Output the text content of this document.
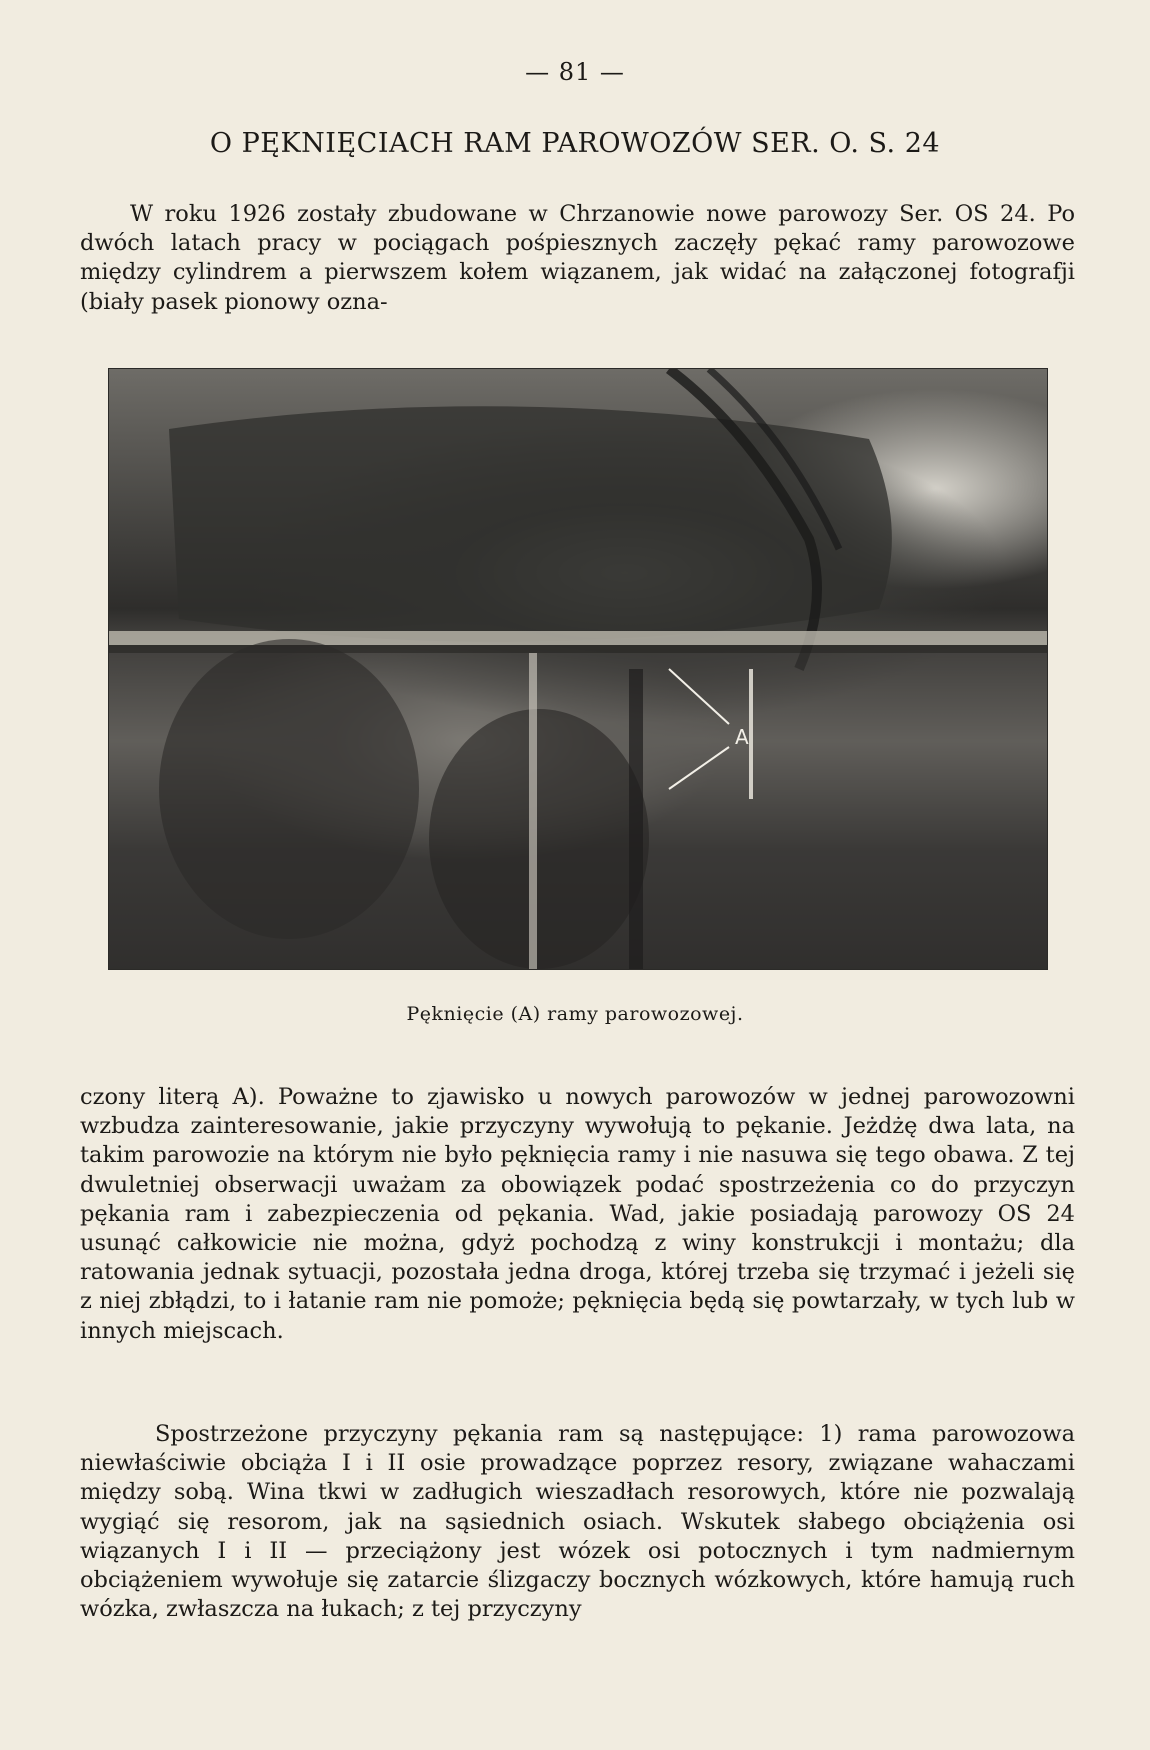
— 81 —
O PĘKNIĘCIACH RAM PAROWOZÓW SER. O. S. 24

W roku 1926 zostały zbudowane w Chrzanowie nowe parowozy Ser. OS 24. Po dwóch latach pracy w pociągach pośpiesznych zaczęły pękać ramy parowozowe między cylindrem a pierwszem kołem wiązanem, jak widać na załączonej fotografji (biały pasek pionowy ozna-

A
Pęknięcie (A) ramy parowozowej.

czony literą A). Poważne to zjawisko u nowych parowozów w jednej parowozowni wzbudza zainteresowanie, jakie przyczyny wywołują to pękanie. Jeżdżę dwa lata, na takim parowozie na którym nie było pęknięcia ramy i nie nasuwa się tego obawa. Z tej dwuletniej obserwacji uważam za obowiązek podać spostrzeżenia co do przyczyn pękania ram i zabezpieczenia od pękania. Wad, jakie posiadają parowozy OS 24 usunąć całkowicie nie można, gdyż pochodzą z winy konstrukcji i montażu; dla ratowania jednak sytuacji, pozostała jedna droga, której trzeba się trzymać i jeżeli się z niej zbłądzi, to i łatanie ram nie pomoże; pęknięcia będą się powtarzały, w tych lub w innych miejscach.

Spostrzeżone przyczyny pękania ram są następujące: 1) rama parowozowa niewłaściwie obciąża I i II osie prowadzące poprzez resory, związane wahaczami między sobą. Wina tkwi w zadługich wieszadłach resorowych, które nie pozwalają wygiąć się resorom, jak na sąsiednich osiach. Wskutek słabego obciążenia osi wiązanych I i II — przeciążony jest wózek osi potocznych i tym nadmiernym obciążeniem wywołuje się zatarcie ślizgaczy bocznych wózkowych, które hamują ruch wózka, zwłaszcza na łukach; z tej przyczyny
